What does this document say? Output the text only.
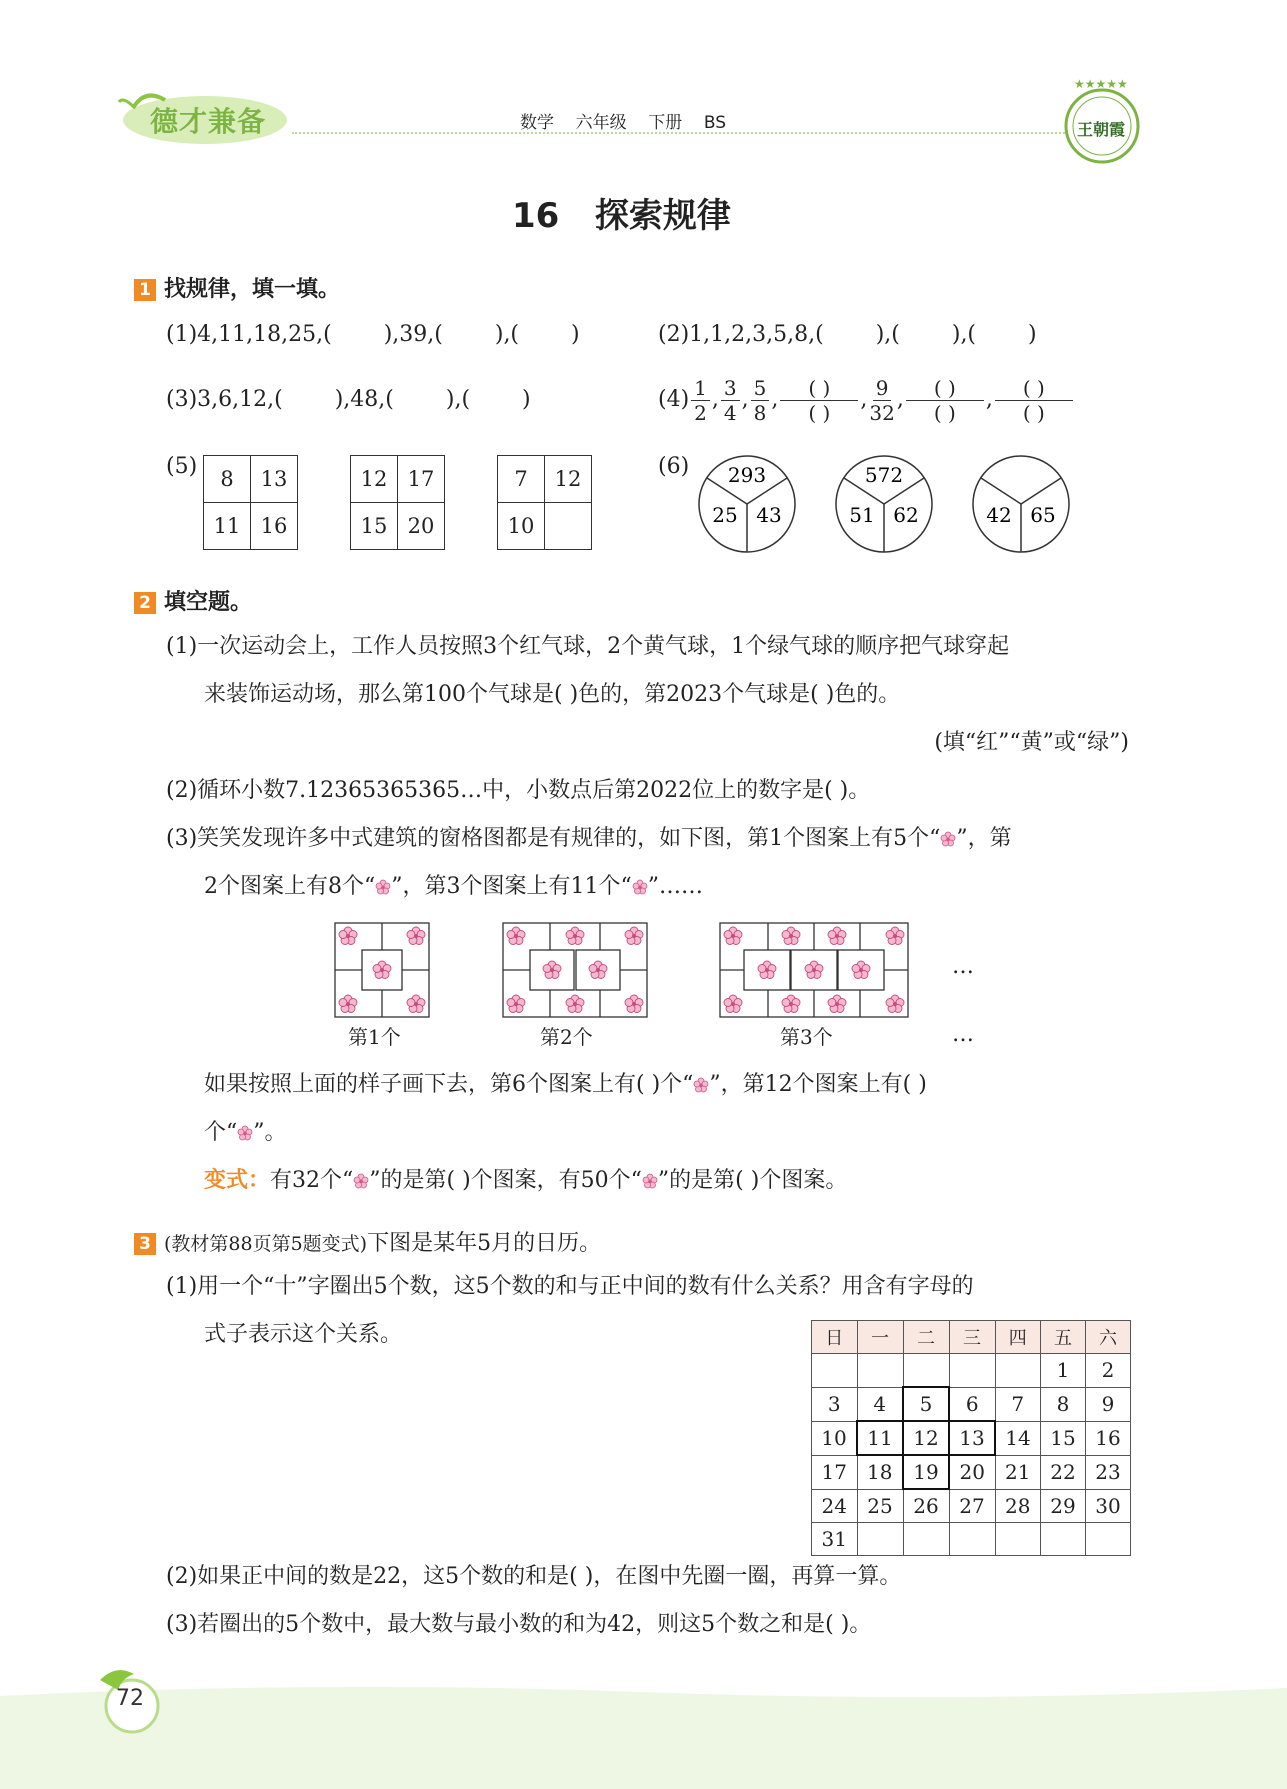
德才兼备	数学 六年级 下册 BS
★★★★★
王朝霞
16 探索规律
1 找规律，填一填。
(1)4,11,18,25,( ),39,( ),( )	(2)1,1,2,3,5,8,( ),( ),( )
(3)3,6,12,( ),48,( ),( )	$(4) \frac{1}{2}$ , $\frac{3}{4}$ , $\frac{5}{8}$ , $\frac{( )}{( )}$ , $\frac{9}{32}$ , $\frac{( )}{( )}$ , $\frac{( )}{( )}$
(5) 8	13
11	16
12	17
15	20
7	12
10	
(6) 293
25 43
572
51 62	42 65
2 填空题。
(1)一次运动会上，工作人员按照3个红气球，2个黄气球，1个绿气球的顺序把气球穿起
来装饰运动场，那么第100个气球是( )色的，第2023个气球是( )色的。
(填“红”“黄”或“绿”)
(2)循环小数7.12365365365…中，小数点后第2022位上的数字是( )。
(3)笑笑发现许多中式建筑的窗格图都是有规律的，如下图，第1个图案上有5个“ ”，第
2个图案上有8个“ ”，第3个图案上有11个“ ”……
…
第1个	第2个	第3个	…
如果按照上面的样子画下去，第6个图案上有( )个“ ”，第12个图案上有( )
个“ ”。
变式：有32个“ ”的是第( )个图案，有50个“ ”的是第( )个图案。
3 (教材第88页第5题变式)下图是某年5月的日历。
(1)用一个“十”字圈出5个数，这5个数的和与正中间的数有什么关系？用含有字母的
式子表示这个关系。	日	一	二	三	四	五	六
					1	2
3	4	5	6	7	8	9
10	11	12	13	14	15	16
17	18	19	20	21	22	23
24	25	26	27	28	29	30
31						
(2)如果正中间的数是22，这5个数的和是( )，在图中先圈一圈，再算一算。
(3)若圈出的5个数中，最大数与最小数的和为42，则这5个数之和是( )。
72
